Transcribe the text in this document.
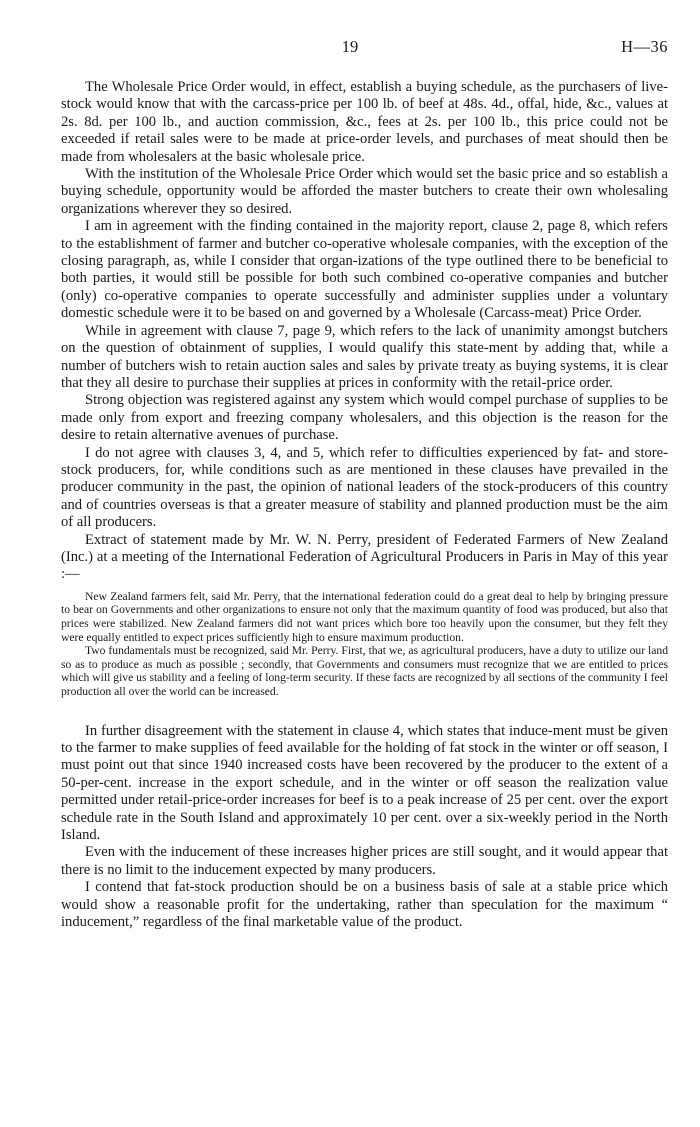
19	H—36

The Wholesale Price Order would, in effect, establish a buying schedule, as the purchasers of live-stock would know that with the carcass-price per 100 lb. of beef at 48s. 4d., offal, hide, &c., values at 2s. 8d. per 100 lb., and auction commission, &c., fees at 2s. per 100 lb., this price could not be exceeded if retail sales were to be made at price-order levels, and purchases of meat should then be made from wholesalers at the basic wholesale price.

With the institution of the Wholesale Price Order which would set the basic price and so establish a buying schedule, opportunity would be afforded the master butchers to create their own wholesaling organizations wherever they so desired.

I am in agreement with the finding contained in the majority report, clause 2, page 8, which refers to the establishment of farmer and butcher co-operative wholesale companies, with the exception of the closing paragraph, as, while I consider that organ-izations of the type outlined there to be beneficial to both parties, it would still be possible for both such combined co-operative companies and butcher (only) co-operative companies to operate successfully and administer supplies under a voluntary domestic schedule were it to be based on and governed by a Wholesale (Carcass-meat) Price Order.

While in agreement with clause 7, page 9, which refers to the lack of unanimity amongst butchers on the question of obtainment of supplies, I would qualify this state-ment by adding that, while a number of butchers wish to retain auction sales and sales by private treaty as buying systems, it is clear that they all desire to purchase their supplies at prices in conformity with the retail-price order.

Strong objection was registered against any system which would compel purchase of supplies to be made only from export and freezing company wholesalers, and this objection is the reason for the desire to retain alternative avenues of purchase.

I do not agree with clauses 3, 4, and 5, which refer to difficulties experienced by fat- and store-stock producers, for, while conditions such as are mentioned in these clauses have prevailed in the producer community in the past, the opinion of national leaders of the stock-producers of this country and of countries overseas is that a greater measure of stability and planned production must be the aim of all producers.

Extract of statement made by Mr. W. N. Perry, president of Federated Farmers of New Zealand (Inc.) at a meeting of the International Federation of Agricultural Producers in Paris in May of this year :—

New Zealand farmers felt, said Mr. Perry, that the international federation could do a great deal to help by bringing pressure to bear on Governments and other organizations to ensure not only that the maximum quantity of food was produced, but also that prices were stabilized. New Zealand farmers did not want prices which bore too heavily upon the consumer, but they felt they were equally entitled to expect prices sufficiently high to ensure maximum production.

Two fundamentals must be recognized, said Mr. Perry. First, that we, as agricultural producers, have a duty to utilize our land so as to produce as much as possible ; secondly, that Governments and consumers must recognize that we are entitled to prices which will give us stability and a feeling of long-term security. If these facts are recognized by all sections of the community I feel production all over the world can be increased.

In further disagreement with the statement in clause 4, which states that induce-ment must be given to the farmer to make supplies of feed available for the holding of fat stock in the winter or off season, I must point out that since 1940 increased costs have been recovered by the producer to the extent of a 50-per-cent. increase in the export schedule, and in the winter or off season the realization value permitted under retail-price-order increases for beef is to a peak increase of 25 per cent. over the export schedule rate in the South Island and approximately 10 per cent. over a six-weekly period in the North Island.

Even with the inducement of these increases higher prices are still sought, and it would appear that there is no limit to the inducement expected by many producers.

I contend that fat-stock production should be on a business basis of sale at a stable price which would show a reasonable profit for the undertaking, rather than speculation for the maximum “ inducement,” regardless of the final marketable value of the product.
